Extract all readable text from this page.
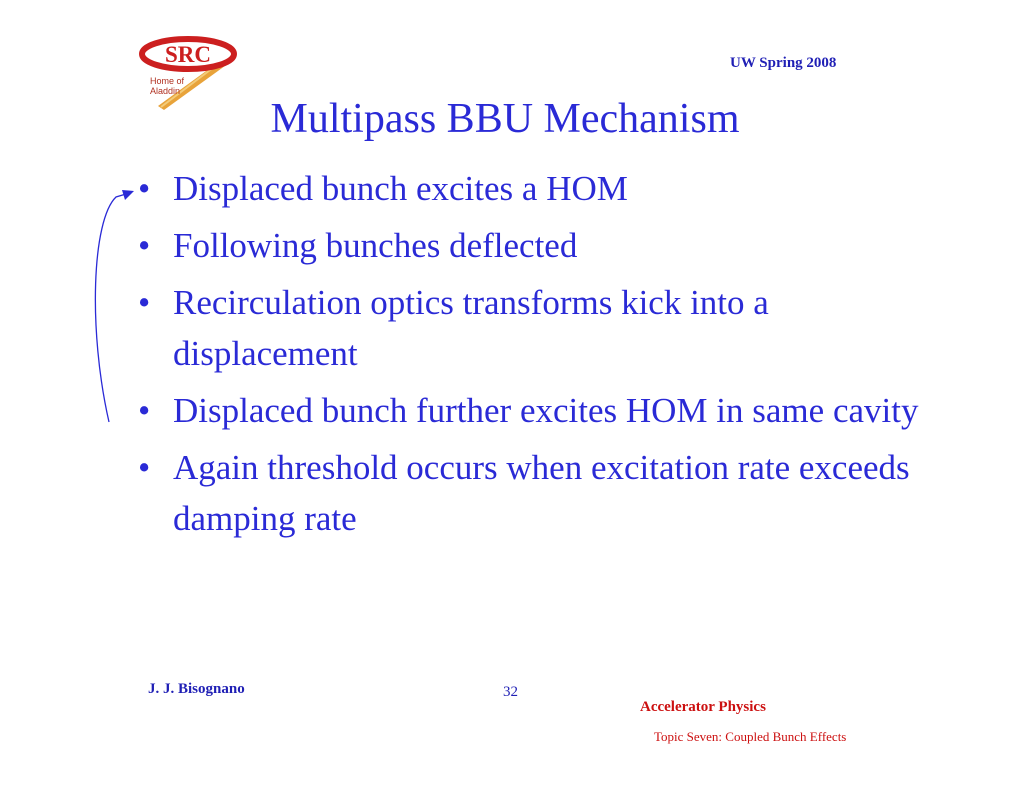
SRC
Home of
Aladdin
UW Spring 2008
Multipass BBU Mechanism
• Displaced bunch excites a HOM
• Following bunches deflected
• Recirculation optics transforms kick into a displacement
• Displaced bunch further excites HOM in same cavity
• Again threshold occurs when excitation rate exceeds damping rate
J. J. Bisognano	32
Accelerator Physics
Topic Seven: Coupled Bunch Effects
